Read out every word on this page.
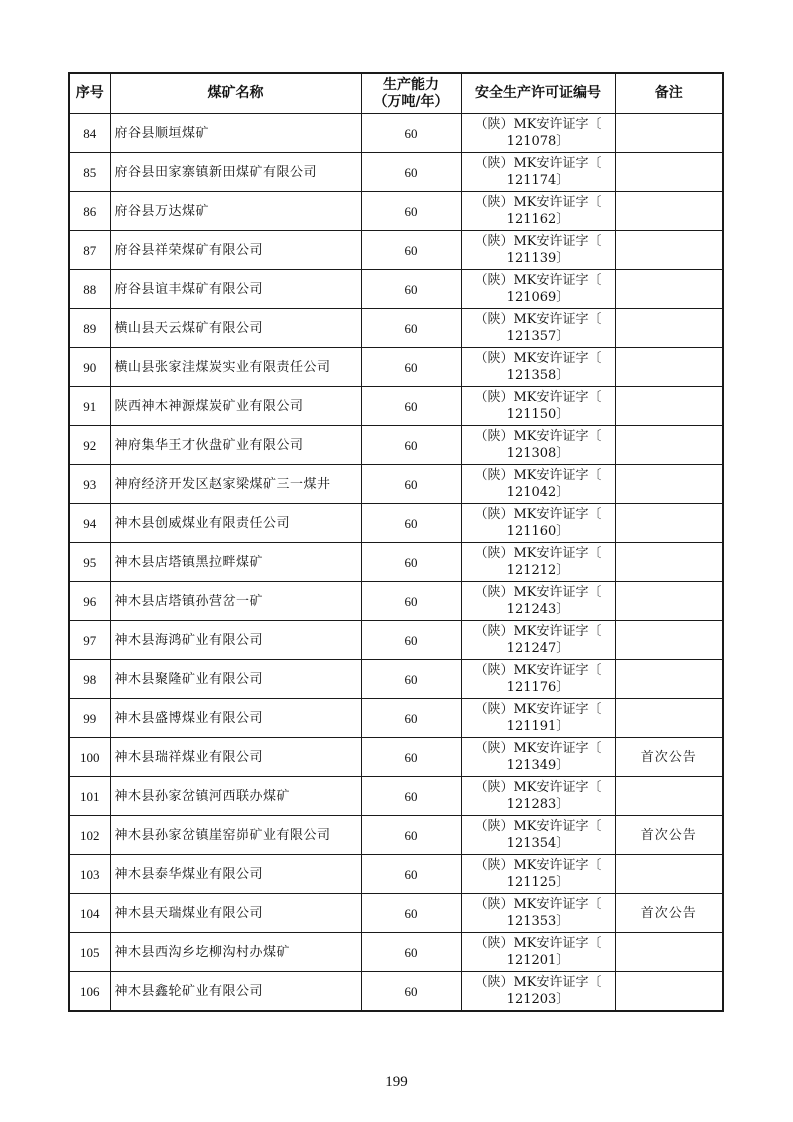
序号	煤矿名称	生产能力
（万吨/年）	安全生产许可证编号	备注
84	府谷县顺垣煤矿	60	（陕）MK安许证字〔
121078〕	

85	府谷县田家寨镇新田煤矿有限公司	60	（陕）MK安许证字〔
121174〕	

86	府谷县万达煤矿	60	（陕）MK安许证字〔
121162〕	

87	府谷县祥荣煤矿有限公司	60	（陕）MK安许证字〔
121139〕	

88	府谷县谊丰煤矿有限公司	60	（陕）MK安许证字〔
121069〕	

89	横山县天云煤矿有限公司	60	（陕）MK安许证字〔
121357〕	

90	横山县张家洼煤炭实业有限责任公司	60	（陕）MK安许证字〔
121358〕	

91	陕西神木神源煤炭矿业有限公司	60	（陕）MK安许证字〔
121150〕	

92	神府集华王才伙盘矿业有限公司	60	（陕）MK安许证字〔
121308〕	

93	神府经济开发区赵家梁煤矿三一煤井	60	（陕）MK安许证字〔
121042〕	

94	神木县创威煤业有限责任公司	60	（陕）MK安许证字〔
121160〕	

95	神木县店塔镇黑拉畔煤矿	60	（陕）MK安许证字〔
121212〕	

96	神木县店塔镇孙营岔一矿	60	（陕）MK安许证字〔
121243〕	

97	神木县海鸿矿业有限公司	60	（陕）MK安许证字〔
121247〕	

98	神木县聚隆矿业有限公司	60	（陕）MK安许证字〔
121176〕	

99	神木县盛博煤业有限公司	60	（陕）MK安许证字〔
121191〕	

100	神木县瑞祥煤业有限公司	60	（陕）MK安许证字〔
121349〕	首次公告
101	神木县孙家岔镇河西联办煤矿	60	（陕）MK安许证字〔
121283〕	

102	神木县孙家岔镇崖窑峁矿业有限公司	60	（陕）MK安许证字〔
121354〕	首次公告
103	神木县泰华煤业有限公司	60	（陕）MK安许证字〔
121125〕	

104	神木县天瑞煤业有限公司	60	（陕）MK安许证字〔
121353〕	首次公告
105	神木县西沟乡圪柳沟村办煤矿	60	（陕）MK安许证字〔
121201〕	

106	神木县鑫轮矿业有限公司	60	（陕）MK安许证字〔
121203〕	

199
